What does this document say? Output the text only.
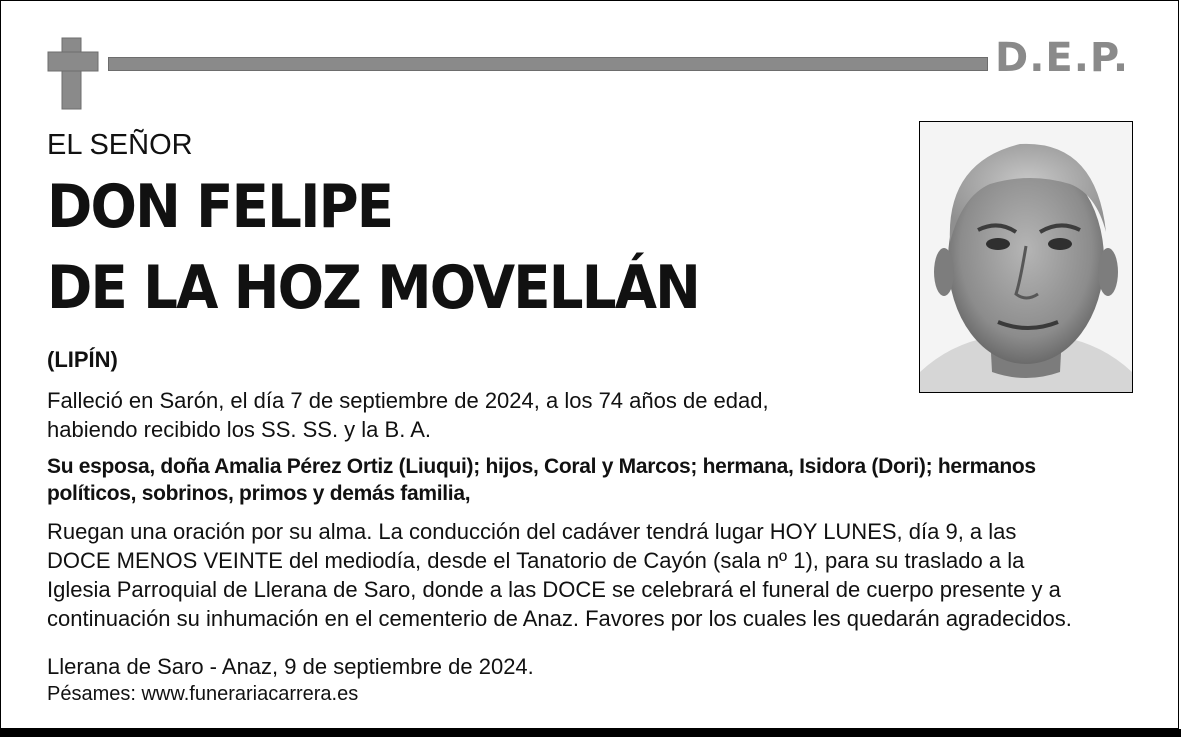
D.E.P.
EL SEÑOR
DON FELIPE
DE LA HOZ MOVELLÁN
(LIPÍN)
Falleció en Sarón, el día 7 de septiembre de 2024, a los 74 años de edad,
habiendo recibido los SS. SS. y la B. A.
Su esposa, doña Amalia Pérez Ortiz (Liuqui); hijos, Coral y Marcos; hermana, Isidora (Dori); hermanos
políticos, sobrinos, primos y demás familia,
Ruegan una oración por su alma. La conducción del cadáver tendrá lugar HOY LUNES, día 9, a las
DOCE MENOS VEINTE del mediodía, desde el Tanatorio de Cayón (sala nº 1), para su traslado a la
Iglesia Parroquial de Llerana de Saro, donde a las DOCE se celebrará el funeral de cuerpo presente y a
continuación su inhumación en el cementerio de Anaz. Favores por los cuales les quedarán agradecidos.
Llerana de Saro - Anaz, 9 de septiembre de 2024.
Pésames: www.funerariacarrera.es
